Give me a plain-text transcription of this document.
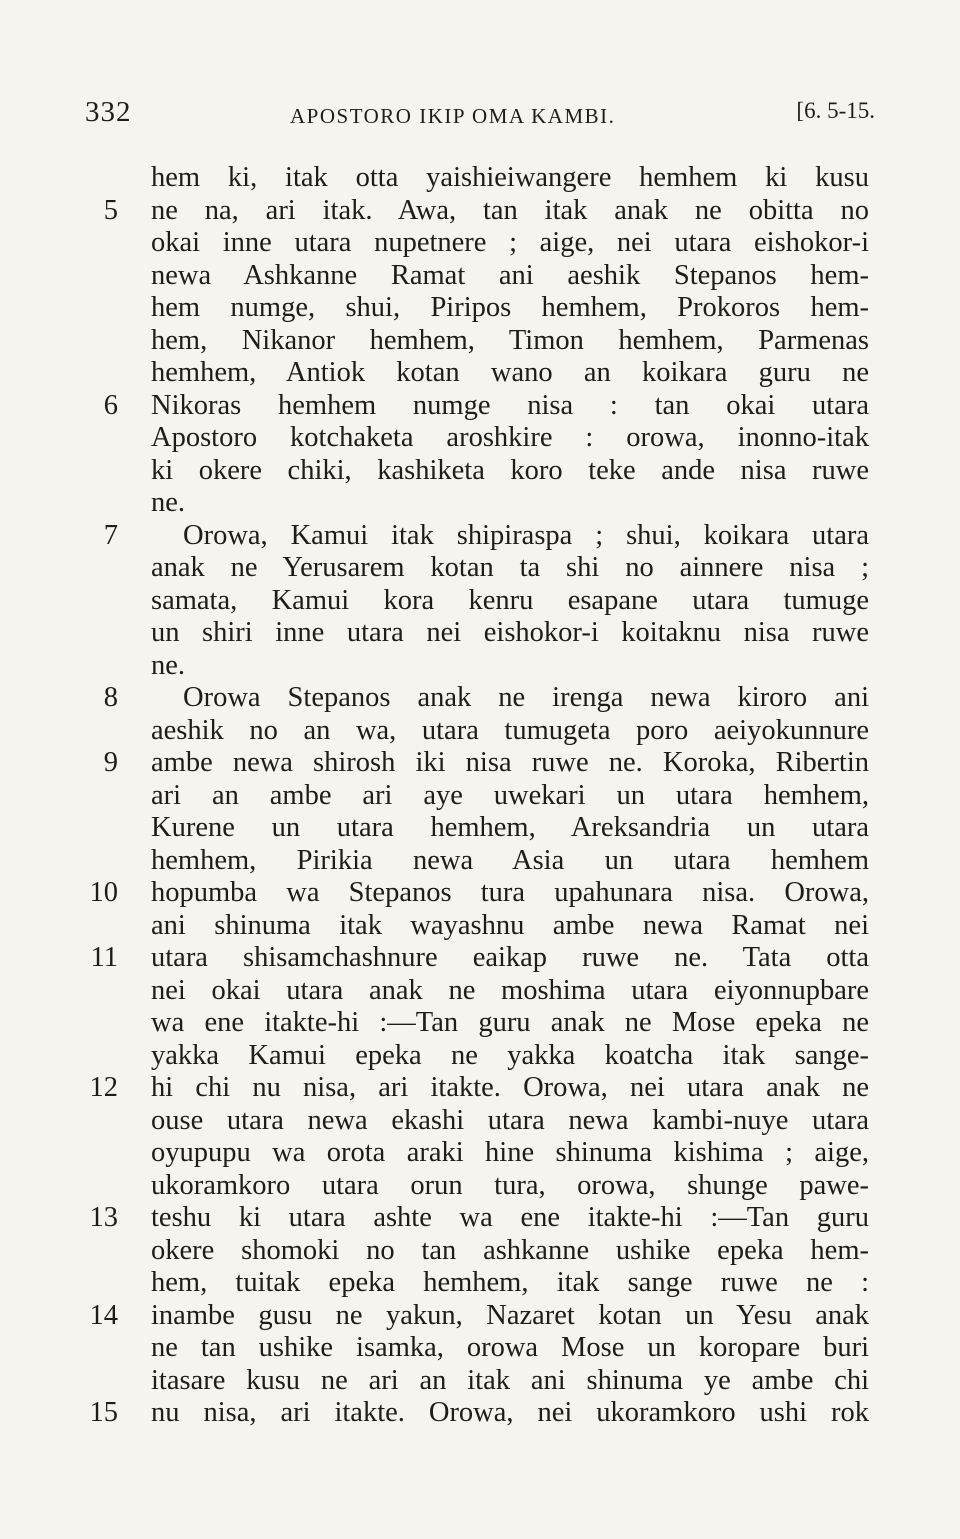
332	APOSTORO IKIP OMA KAMBI.	[6. 5-15.
hem ki, itak otta yaishieiwangere hemhem ki kusu
5 ne na, ari itak. Awa, tan itak anak ne obitta no
okai inne utara nupetnere ; aige, nei utara eishokor-i
newa Ashkanne Ramat ani aeshik Stepanos hem-
hem numge, shui, Piripos hemhem, Prokoros hem-
hem, Nikanor hemhem, Timon hemhem, Parmenas
hemhem, Antiok kotan wano an koikara guru ne
6 Nikoras hemhem numge nisa : tan okai utara
Apostoro kotchaketa aroshkire : orowa, inonno-itak
ki okere chiki, kashiketa koro teke ande nisa ruwe
ne.
7 Orowa, Kamui itak shipiraspa ; shui, koikara utara
anak ne Yerusarem kotan ta shi no ainnere nisa ;
samata, Kamui kora kenru esapane utara tumuge
un shiri inne utara nei eishokor-i koitaknu nisa ruwe
ne.
8 Orowa Stepanos anak ne irenga newa kiroro ani
aeshik no an wa, utara tumugeta poro aeiyokunnure
9 ambe newa shirosh iki nisa ruwe ne. Koroka, Ribertin
ari an ambe ari aye uwekari un utara hemhem,
Kurene un utara hemhem, Areksandria un utara
hemhem, Pirikia newa Asia un utara hemhem
10 hopumba wa Stepanos tura upahunara nisa. Orowa,
ani shinuma itak wayashnu ambe newa Ramat nei
11 utara shisamchashnure eaikap ruwe ne. Tata otta
nei okai utara anak ne moshima utara eiyonnupbare
wa ene itakte-hi :—Tan guru anak ne Mose epeka ne
yakka Kamui epeka ne yakka koatcha itak sange-
12 hi chi nu nisa, ari itakte. Orowa, nei utara anak ne
ouse utara newa ekashi utara newa kambi-nuye utara
oyupupu wa orota araki hine shinuma kishima ; aige,
ukoramkoro utara orun tura, orowa, shunge pawe-
13 teshu ki utara ashte wa ene itakte-hi :—Tan guru
okere shomoki no tan ashkanne ushike epeka hem-
hem, tuitak epeka hemhem, itak sange ruwe ne :
14 inambe gusu ne yakun, Nazaret kotan un Yesu anak
ne tan ushike isamka, orowa Mose un koropare buri
itasare kusu ne ari an itak ani shinuma ye ambe chi
15 nu nisa, ari itakte. Orowa, nei ukoramkoro ushi rok
